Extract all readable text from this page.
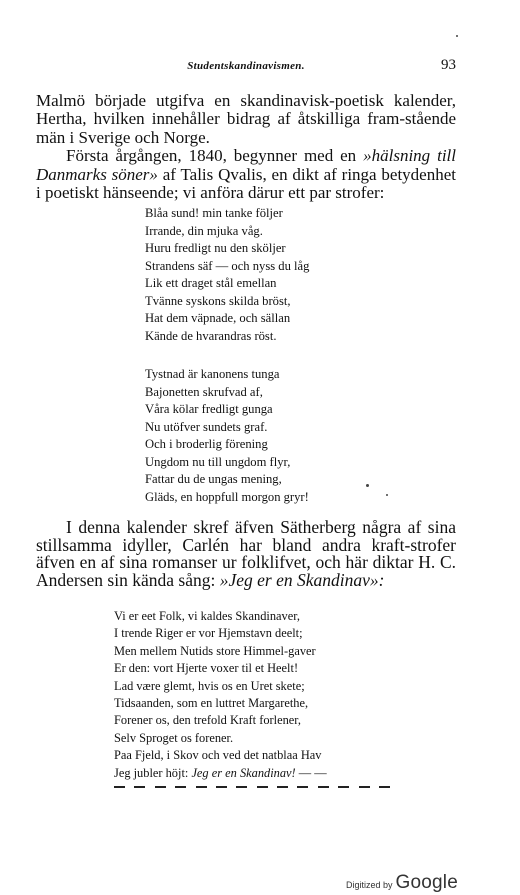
Studentskandinavismen.	93

Malmö började utgifva en skandinavisk-poetisk kalender, Hertha, hvilken innehåller bidrag af åtskilliga fram-stående män i Sverige och Norge.

Första årgången, 1840, begynner med en »hälsning till Danmarks söner» af Talis Qvalis, en dikt af ringa betydenhet i poetiskt hänseende; vi anföra därur ett par strofer:

Blåa sund! min tanke följer
Irrande, din mjuka våg.
Huru fredligt nu den sköljer
Strandens säf — och nyss du låg
Lik ett draget stål emellan
Tvänne syskons skilda bröst,
Hat dem väpnade, och sällan
Kände de hvarandras röst.
Tystnad är kanonens tunga
Bajonetten skrufvad af,
Våra kölar fredligt gunga
Nu utöfver sundets graf.
Och i broderlig förening
Ungdom nu till ungdom flyr,
Fattar du de ungas mening,
Gläds, en hoppfull morgon gryr!

I denna kalender skref äfven Sätherberg några af sina stillsamma idyller, Carlén har bland andra kraft-strofer äfven en af sina romanser ur folklifvet, och här diktar H. C. Andersen sin kända sång: »Jeg er en Skandinav»:

Vi er eet Folk, vi kaldes Skandinaver,
I trende Riger er vor Hjemstavn deelt;
Men mellem Nutids store Himmel-gaver
Er den: vort Hjerte voxer til et Heelt!
Lad være glemt, hvis os en Uret skete;
Tidsaanden, som en luttret Margarethe,
Forener os, den trefold Kraft forlener,
Selv Sproget os forener.
Paa Fjeld, i Skov och ved det natblaa Hav
Jeg jubler höjt: Jeg er en Skandinav! — —
Digitized by Google
